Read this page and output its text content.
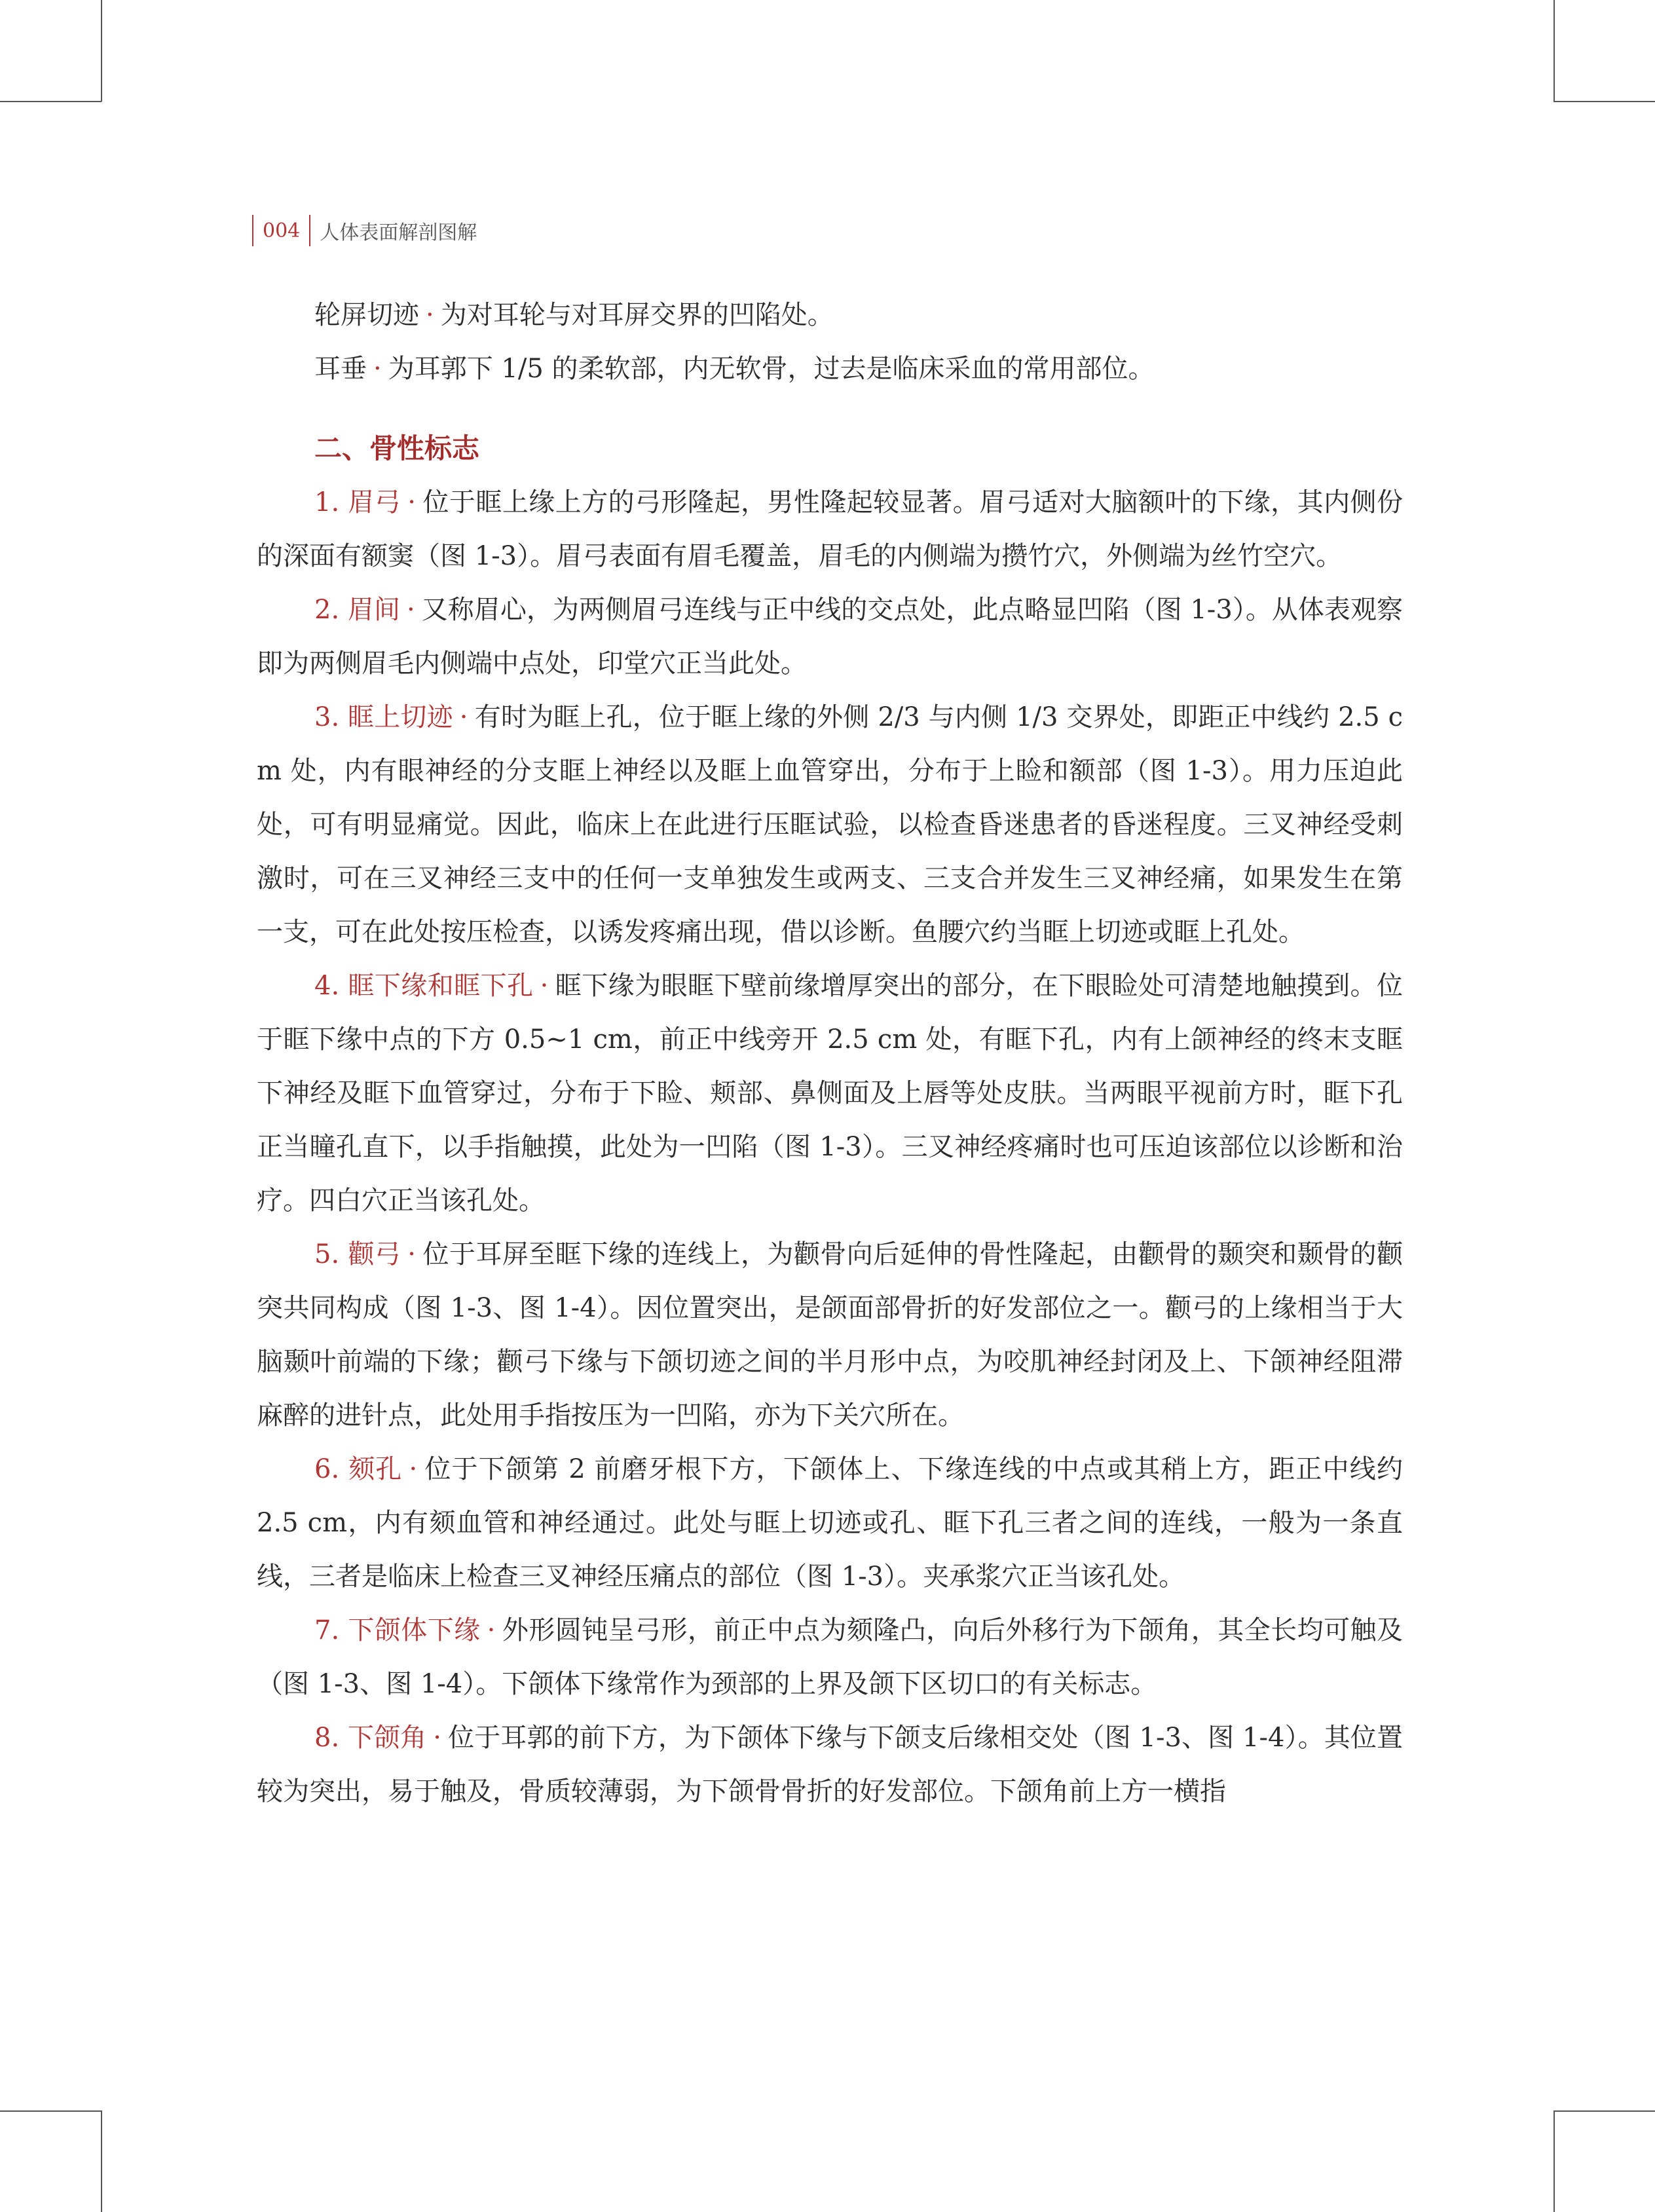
004	人体表面解剖图解

轮屏切迹 · 为对耳轮与对耳屏交界的凹陷处。

耳垂 · 为耳郭下 1/5 的柔软部，内无软骨，过去是临床采血的常用部位。

二、骨性标志

1. 眉弓 · 位于眶上缘上方的弓形隆起，男性隆起较显著。眉弓适对大脑额叶的下缘，其内侧份的深面有额窦（图 1-3）。眉弓表面有眉毛覆盖，眉毛的内侧端为攒竹穴，外侧端为丝竹空穴。

2. 眉间 · 又称眉心，为两侧眉弓连线与正中线的交点处，此点略显凹陷（图 1-3）。从体表观察即为两侧眉毛内侧端中点处，印堂穴正当此处。

3. 眶上切迹 · 有时为眶上孔，位于眶上缘的外侧 2/3 与内侧 1/3 交界处，即距正中线约 2.5 cm 处，内有眼神经的分支眶上神经以及眶上血管穿出，分布于上睑和额部（图 1-3）。用力压迫此处，可有明显痛觉。因此，临床上在此进行压眶试验，以检查昏迷患者的昏迷程度。三叉神经受刺激时，可在三叉神经三支中的任何一支单独发生或两支、三支合并发生三叉神经痛，如果发生在第一支，可在此处按压检查，以诱发疼痛出现，借以诊断。鱼腰穴约当眶上切迹或眶上孔处。

4. 眶下缘和眶下孔 · 眶下缘为眼眶下壁前缘增厚突出的部分，在下眼睑处可清楚地触摸到。位于眶下缘中点的下方 0.5~1 cm，前正中线旁开 2.5 cm 处，有眶下孔，内有上颌神经的终末支眶下神经及眶下血管穿过，分布于下睑、颊部、鼻侧面及上唇等处皮肤。当两眼平视前方时，眶下孔正当瞳孔直下，以手指触摸，此处为一凹陷（图 1-3）。三叉神经疼痛时也可压迫该部位以诊断和治疗。四白穴正当该孔处。

5. 颧弓 · 位于耳屏至眶下缘的连线上，为颧骨向后延伸的骨性隆起，由颧骨的颞突和颞骨的颧突共同构成（图 1-3、图 1-4）。因位置突出，是颌面部骨折的好发部位之一。颧弓的上缘相当于大脑颞叶前端的下缘；颧弓下缘与下颌切迹之间的半月形中点，为咬肌神经封闭及上、下颌神经阻滞麻醉的进针点，此处用手指按压为一凹陷，亦为下关穴所在。

6. 颏孔 · 位于下颌第 2 前磨牙根下方，下颌体上、下缘连线的中点或其稍上方，距正中线约 2.5 cm，内有颏血管和神经通过。此处与眶上切迹或孔、眶下孔三者之间的连线，一般为一条直线，三者是临床上检查三叉神经压痛点的部位（图 1-3）。夹承浆穴正当该孔处。

7. 下颌体下缘 · 外形圆钝呈弓形，前正中点为颏隆凸，向后外移行为下颌角，其全长均可触及（图 1-3、图 1-4）。下颌体下缘常作为颈部的上界及颌下区切口的有关标志。

8. 下颌角 · 位于耳郭的前下方，为下颌体下缘与下颌支后缘相交处（图 1-3、图 1-4）。其位置较为突出，易于触及，骨质较薄弱，为下颌骨骨折的好发部位。下颌角前上方一横指
